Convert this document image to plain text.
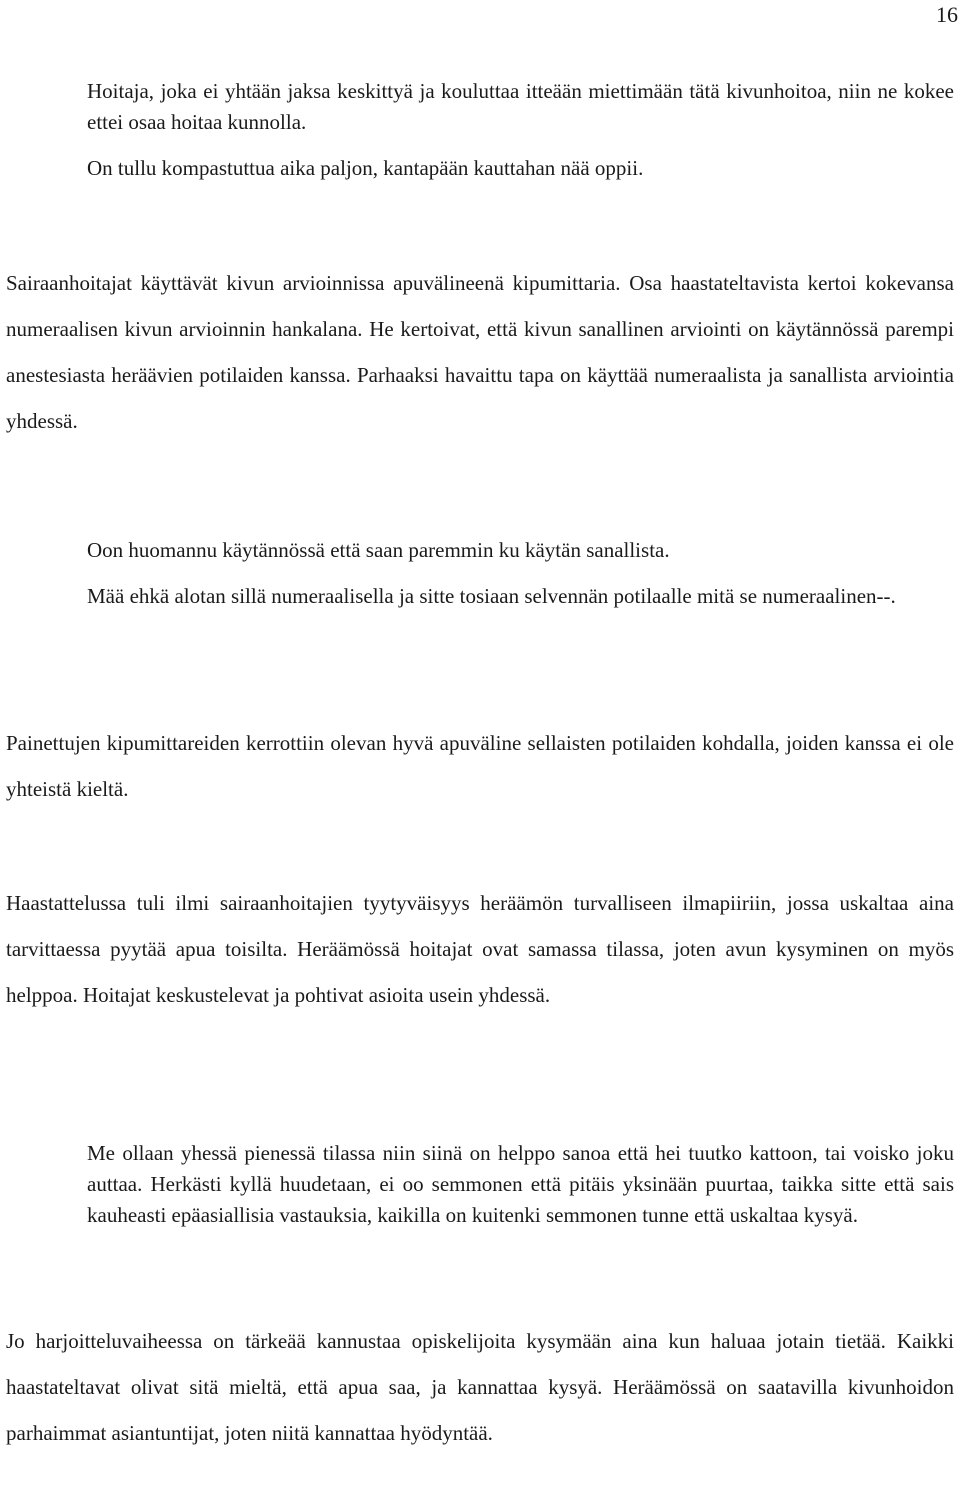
16

Hoitaja, joka ei yhtään jaksa keskittyä ja kouluttaa itteään miettimään tätä kivunhoitoa, niin ne kokee ettei osaa hoitaa kunnolla.

On tullu kompastuttua aika paljon, kantapään kauttahan nää oppii.

Sairaanhoitajat käyttävät kivun arvioinnissa apuvälineenä kipumittaria. Osa haastateltavista kertoi kokevansa numeraalisen kivun arvioinnin hankalana. He kertoivat, että kivun sanallinen arviointi on käytännössä parempi anestesiasta heräävien potilaiden kanssa. Parhaaksi havaittu tapa on käyttää numeraalista ja sanallista arviointia yhdessä.

Oon huomannu käytännössä että saan paremmin ku käytän sanallista.

Mää ehkä alotan sillä numeraalisella ja sitte tosiaan selvennän potilaalle mitä se numeraalinen--.

Painettujen kipumittareiden kerrottiin olevan hyvä apuväline sellaisten potilaiden kohdalla, joiden kanssa ei ole yhteistä kieltä.

Haastattelussa tuli ilmi sairaanhoitajien tyytyväisyys heräämön turvalliseen ilmapiiriin, jossa uskaltaa aina tarvittaessa pyytää apua toisilta. Heräämössä hoitajat ovat samassa tilassa, joten avun kysyminen on myös helppoa. Hoitajat keskustelevat ja pohtivat asioita usein yhdessä.

Me ollaan yhessä pienessä tilassa niin siinä on helppo sanoa että hei tuutko kattoon, tai voisko joku auttaa. Herkästi kyllä huudetaan, ei oo semmonen että pitäis yksinään puurtaa, taikka sitte että sais kauheasti epäasiallisia vastauksia, kaikilla on kuitenki semmonen tunne että uskaltaa kysyä.

Jo harjoitteluvaiheessa on tärkeää kannustaa opiskelijoita kysymään aina kun haluaa jotain tietää. Kaikki haastateltavat olivat sitä mieltä, että apua saa, ja kannattaa kysyä. Heräämössä on saatavilla kivunhoidon parhaimmat asiantuntijat, joten niitä kannattaa hyödyntää.
